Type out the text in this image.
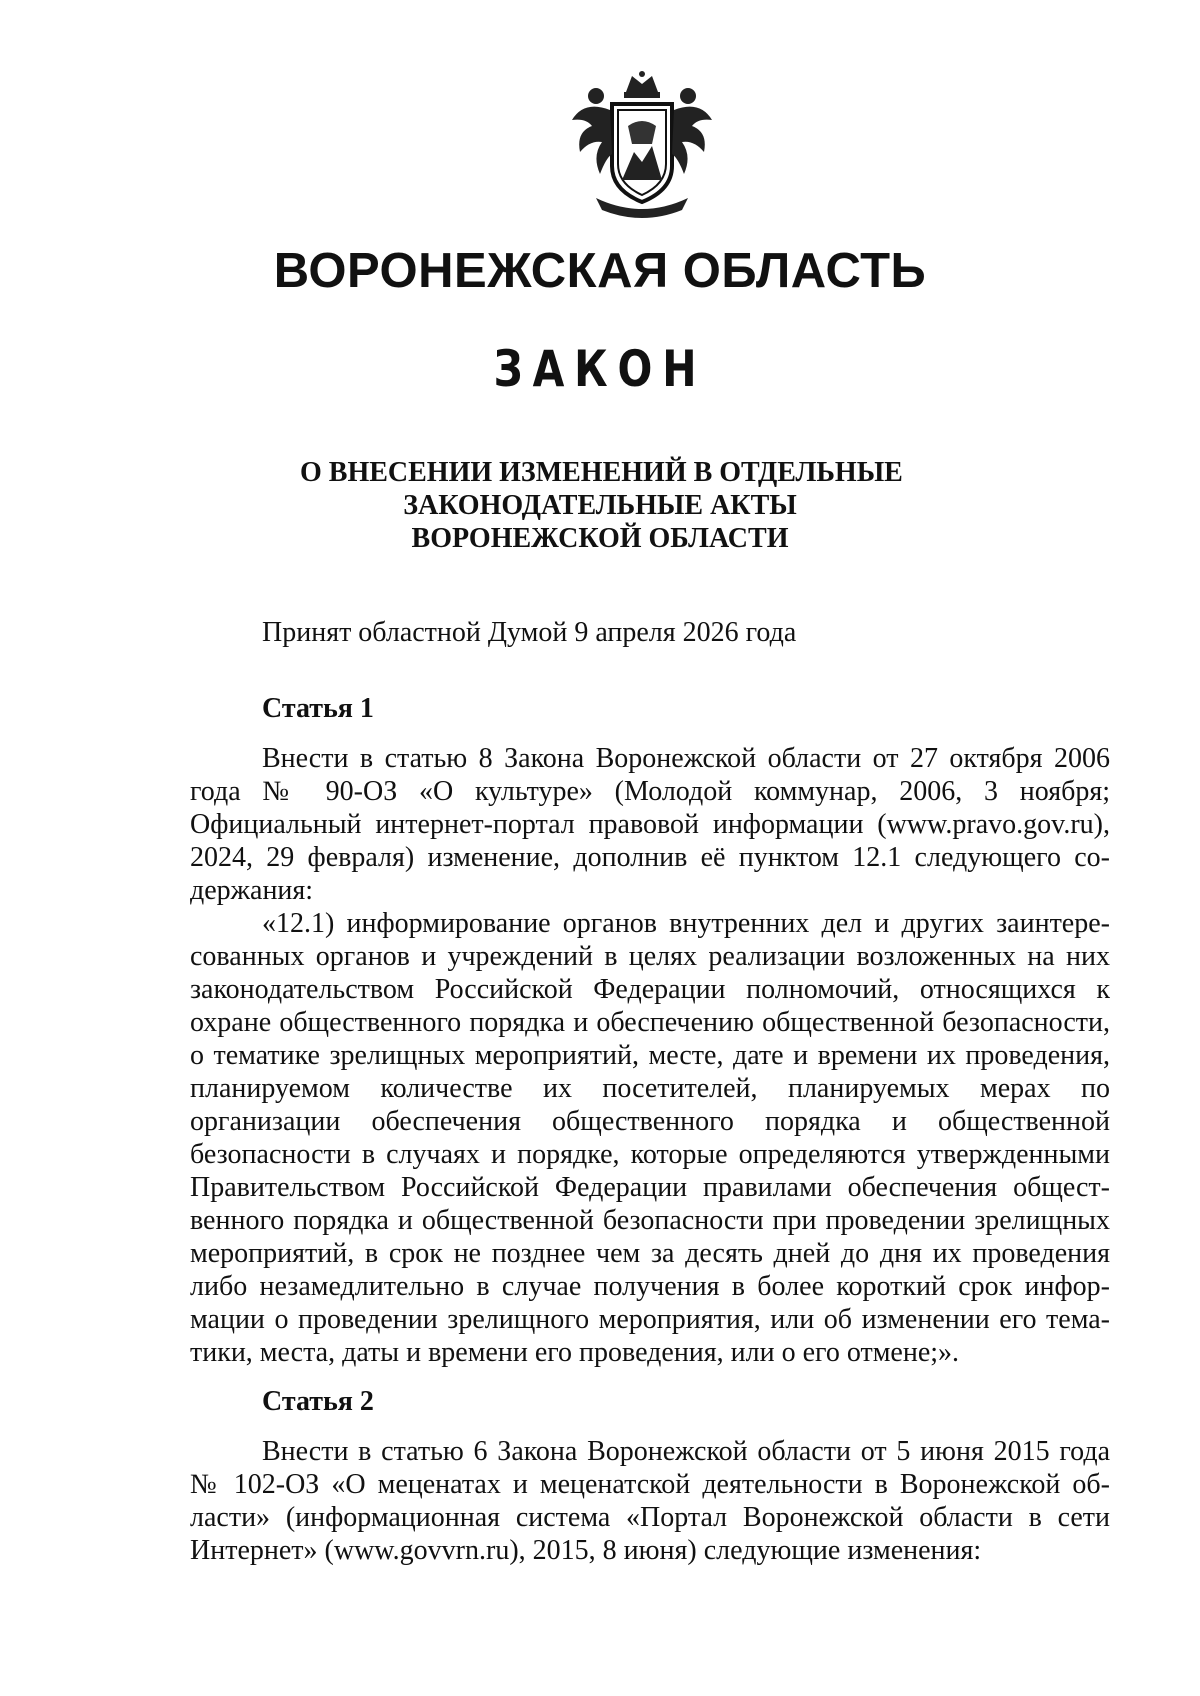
ВОРОНЕЖСКАЯ ОБЛАСТЬ
ЗАКОН
О ВНЕСЕНИИ ИЗМЕНЕНИЙ В ОТДЕЛЬНЫЕ
ЗАКОНОДАТЕЛЬНЫЕ АКТЫ
ВОРОНЕЖСКОЙ ОБЛАСТИ
Принят областной Думой 9 апреля 2026 года
Статья 1

Внести в статью 8 Закона Воронежской области от 27 октября 2006 года № 90-ОЗ «О культуре» (Молодой коммунар, 2006, 3 ноября; Официальный интернет-портал правовой информации (www.pravo.gov.ru), 2024, 29 февраля) изменение, дополнив её пунктом 12.1 следующего содержания:

«12.1) информирование органов внутренних дел и других заинтересованных органов и учреждений в целях реализации возложенных на них законодательством Российской Федерации полномочий, относящихся к охране общественного порядка и обеспечению общественной безопасности, о тематике зрелищных мероприятий, месте, дате и времени их проведения, планируемом количестве их посетителей, планируемых мерах по организации обеспечения общественного порядка и общественной безопасности в случаях и порядке, которые определяются утвержденными Правительством Российской Федерации правилами обеспечения общественного порядка и общественной безопасности при проведении зрелищных мероприятий, в срок не позднее чем за десять дней до дня их проведения либо незамедлительно в случае получения в более короткий срок информации о проведении зрелищного мероприятия, или об изменении его тематики, места, даты и времени его проведения, или о его отмене;».

Статья 2

Внести в статью 6 Закона Воронежской области от 5 июня 2015 года № 102-ОЗ «О меценатах и меценатской деятельности в Воронежской области» (информационная система «Портал Воронежской области в сети Интернет» (www.govvrn.ru), 2015, 8 июня) следующие изменения:
